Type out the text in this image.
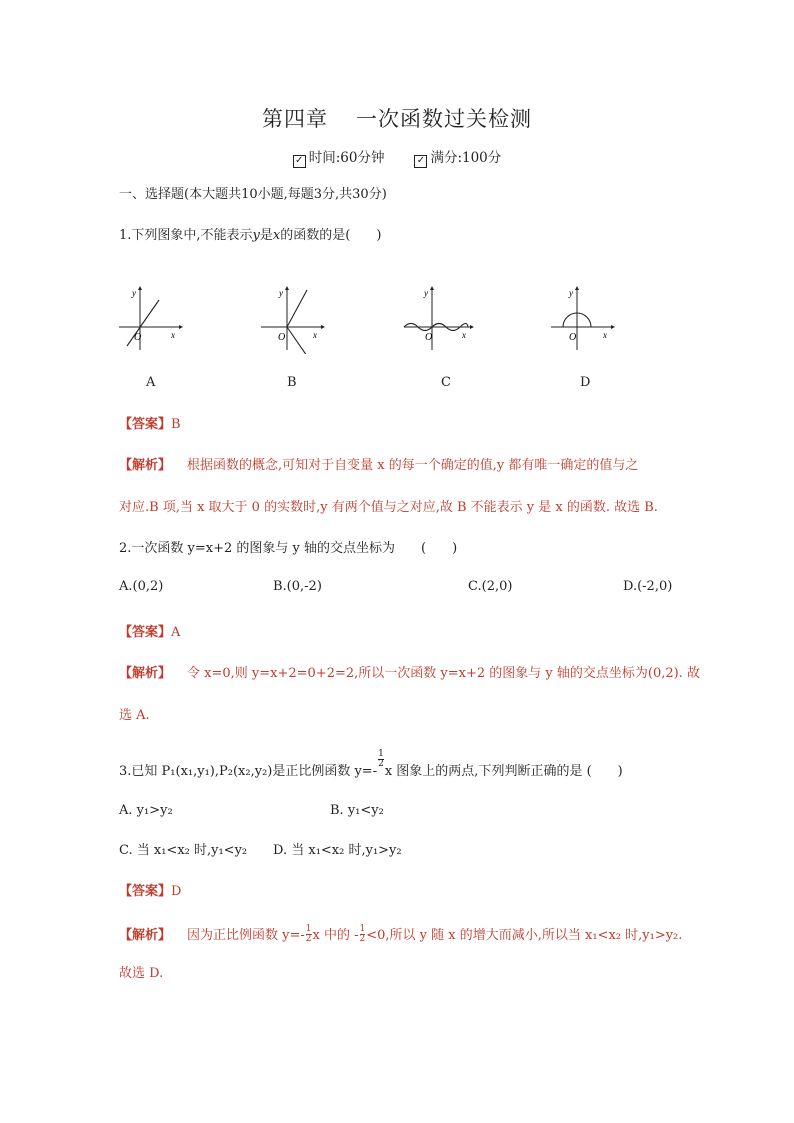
第四章 一次函数过关检测
✓ 时间:60分钟	✓ 满分:100分
一、选择题(本大题共10小题,每题3分,共30分)
1.下列图象中,不能表示y是x的函数的是(　　)
y
x
O
y
x
O
y
x
O
y
x
O
A	B	C	D
【答案】B
【解析】 根据函数的概念,可知对于自变量 x 的每一个确定的值,y 都有唯一确定的值与之
对应.B 项,当 x 取大于 0 的实数时,y 有两个值与之对应,故 B 不能表示 y 是 x 的函数. 故选 B.
2.一次函数 y=x+2 的图象与 y 轴的交点坐标为　　(　　)
A.(0,2)	B.(0,-2)	C.(2,0)	D.(-2,0)
【答案】A
【解析】 令 x=0,则 y=x+2=0+2=2,所以一次函数 y=x+2 的图象与 y 轴的交点坐标为(0,2). 故
选 A.
3.已知 P₁(x₁,y₁),P₂(x₂,y₂)是正比例函数 y=-
$\frac{1}{2}$
x 图象上的两点,下列判断正确的是 (　　)
A. y₁>y₂	B. y₁<y₂
C. 当 x₁<x₂ 时,y₁<y₂ D. 当 x₁<x₂ 时,y₁>y₂
【答案】D
【解析】 因为正比例函数 $y=- \frac{1}{2}$ x 中的 - $\frac{1}{2} <0$,所以 y 随 x 的增大而减小,所以当 x₁<x₂ 时,y₁>y₂.
故选 D.
